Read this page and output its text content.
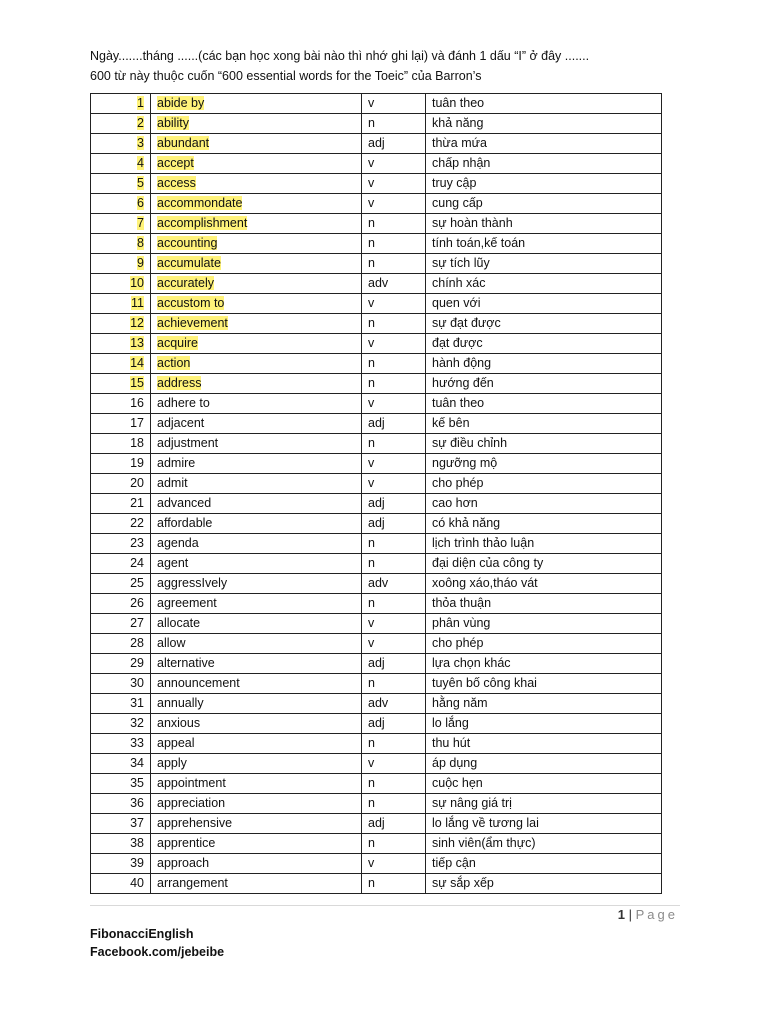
Ngày.......tháng ......(các bạn học xong bài nào thì nhớ ghi lại) và đánh 1 dấu “I” ở đây .......
600 từ này thuộc cuốn “600 essential words for the Toeic” của Barron’s
1	abide by	v	tuân theo
2	ability	n	khả năng
3	abundant	adj	thừa mứa
4	accept	v	chấp nhận
5	access	v	truy cập
6	accommondate	v	cung cấp
7	accomplishment	n	sự hoàn thành
8	accounting	n	tính toán,kế toán
9	accumulate	n	sự tích lũy
10	accurately	adv	chính xác
11	accustom to	v	quen với
12	achievement	n	sự đạt được
13	acquire	v	đạt được
14	action	n	hành động
15	address	n	hướng đến
16	adhere to	v	tuân theo
17	adjacent	adj	kế bên
18	adjustment	n	sự điều chỉnh
19	admire	v	ngưỡng mộ
20	admit	v	cho phép
21	advanced	adj	cao hơn
22	affordable	adj	có khả năng
23	agenda	n	lịch trình thảo luận
24	agent	n	đại diện của công ty
25	aggressIvely	adv	xoông xáo,tháo vát
26	agreement	n	thỏa thuận
27	allocate	v	phân vùng
28	allow	v	cho phép
29	alternative	adj	lựa chọn khác
30	announcement	n	tuyên bố công khai
31	annually	adv	hằng năm
32	anxious	adj	lo lắng
33	appeal	n	thu hút
34	apply	v	áp dụng
35	appointment	n	cuộc hẹn
36	appreciation	n	sự nâng giá trị
37	apprehensive	adj	lo lắng về tương lai
38	apprentice	n	sinh viên(ẩm thực)
39	approach	v	tiếp cận
40	arrangement	n	sự sắp xếp
1 | Page
FibonacciEnglish
Facebook.com/jebeibe
